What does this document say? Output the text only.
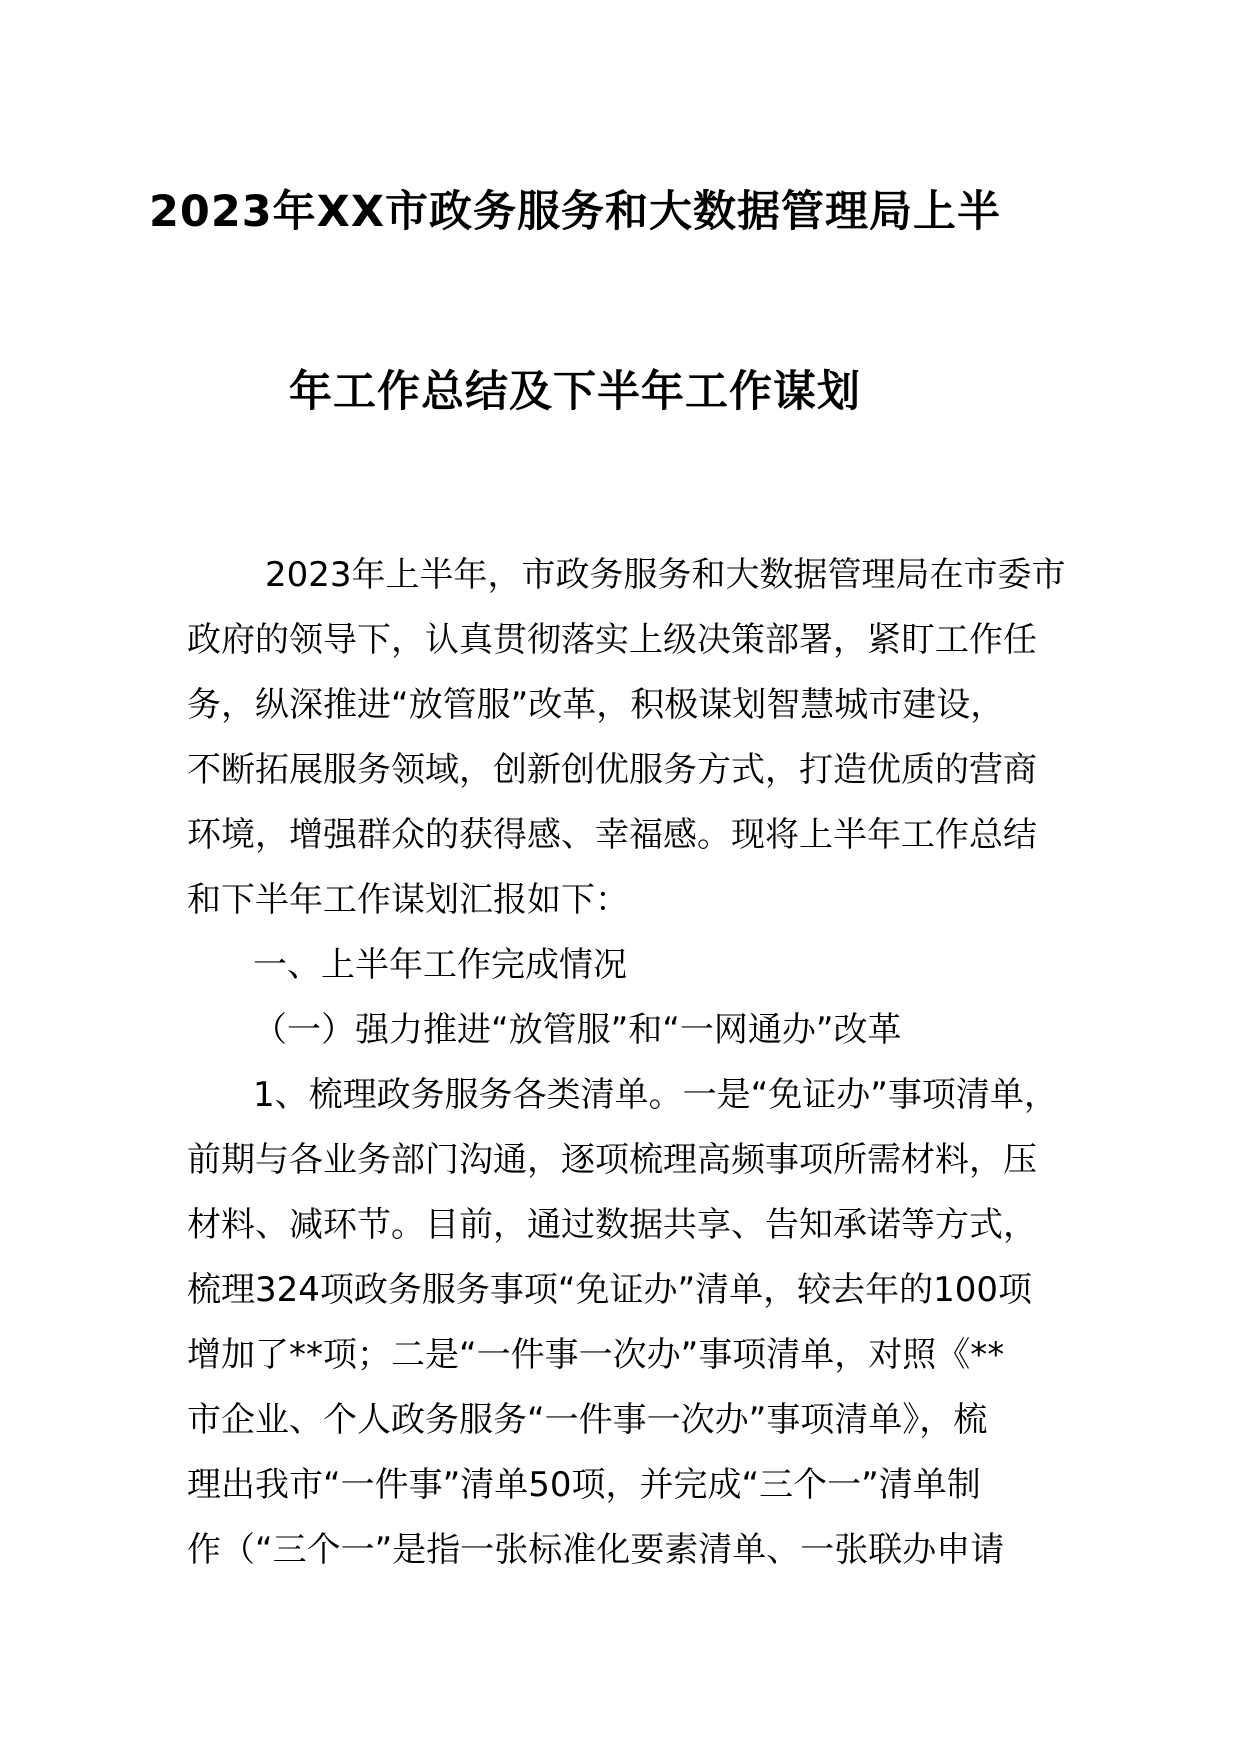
2023年XX市政务服务和大数据管理局上半
年工作总结及下半年工作谋划
2023年上半年，市政务服务和大数据管理局在市委市
政府的领导下，认真贯彻落实上级决策部署，紧盯工作任
务，纵深推进“放管服”改革，积极谋划智慧城市建设，
不断拓展服务领域，创新创优服务方式，打造优质的营商
环境，增强群众的获得感、幸福感。现将上半年工作总结
和下半年工作谋划汇报如下：
一、上半年工作完成情况
（一）强力推进“放管服”和“一网通办”改革
1、梳理政务服务各类清单。一是“免证办”事项清单，
前期与各业务部门沟通，逐项梳理高频事项所需材料，压
材料、减环节。目前，通过数据共享、告知承诺等方式，
梳理324项政务服务事项“免证办”清单，较去年的100项
增加了**项；二是“一件事一次办”事项清单，对照《**
市企业、个人政务服务“一件事一次办”事项清单》，梳
理出我市“一件事”清单50项，并完成“三个一”清单制
作（“三个一”是指一张标准化要素清单、一张联办申请
